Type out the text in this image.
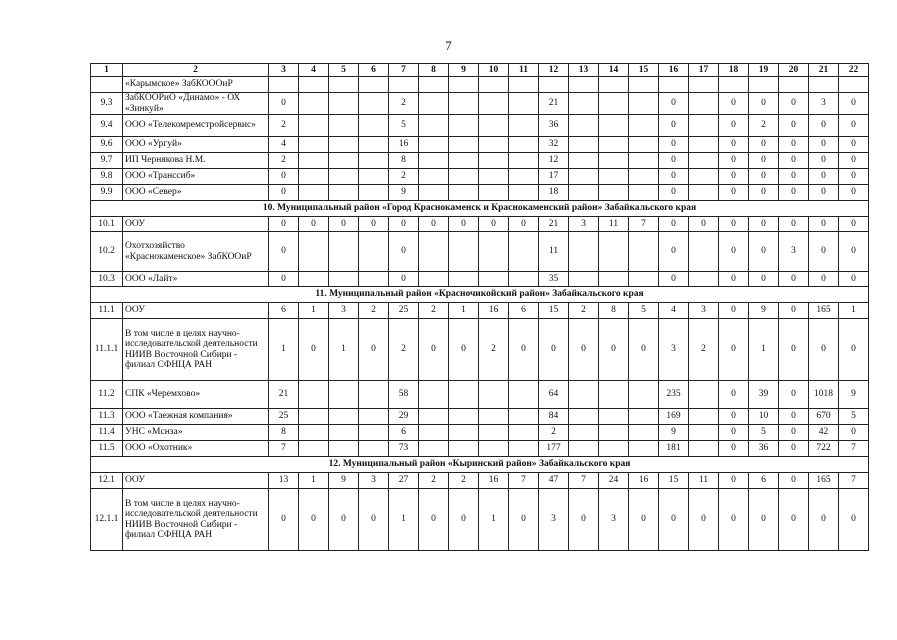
7
1	2	3	4	5	6	7	8	9	10	11	12	13	14	15	16	17	18	19	20	21	22
	«Карымское» ЗабКОООиР																				
9.3	ЗабКООРиО «Динамо» - ОХ «Зинкуй»	0				2					21				0		0	0	0	3	0
9.4	ООО «Телекомремстройсервис»	2				5					36				0		0	2	0	0	0
9.6	ООО «Ургуй»	4				16					32				0		0	0	0	0	0
9.7	ИП Чернякова Н.М.	2				8					12				0		0	0	0	0	0
9.8	ООО «Транссиб»	0				2					17				0		0	0	0	0	0
9.9	ООО «Север»	0				9					18				0		0	0	0	0	0
10. Муниципальный район «Город Краснокаменск и Краснокаменский район» Забайкальского края																					
10.1	ООУ	0	0	0	0	0	0	0	0	0	21	3	11	7	0	0	0	0	0	0	0
10.2	Охотхозяйство «Краснокаменское» ЗабКООиР	0				0					11				0		0	0	3	0	0
10.3	ООО «Лайт»	0				0					35				0		0	0	0	0	0
11. Муниципальный район «Красночикойский район» Забайкальского края																					
11.1	ООУ	6	1	3	2	25	2	1	16	6	15	2	8	5	4	3	0	9	0	165	1
11.1.1	В том числе в целях научно-исследовательской деятельности НИИВ Восточной Сибири - филиал СФНЦА РАН	1	0	1	0	2	0	0	2	0	0	0	0	0	3	2	0	1	0	0	0
11.2	СПК «Черемхово»	21				58					64				235		0	39	0	1018	9
11.3	ООО «Таежная компания»	25				29					84				169		0	10	0	670	5
11.4	УНС «Мснза»	8				6					2				9		0	5	0	42	0
11.5	ООО «Охотник»	7				73					177				181		0	36	0	722	7
12. Муниципальный район «Кыринский район» Забайкальского края																					
12.1	ООУ	13	1	9	3	27	2	2	16	7	47	7	24	16	15	11	0	6	0	165	7
12.1.1	В том числе в целях научно-исследовательской деятельности НИИВ Восточной Сибири - филиал СФНЦА РАН	0	0	0	0	1	0	0	1	0	3	0	3	0	0	0	0	0	0	0	0
